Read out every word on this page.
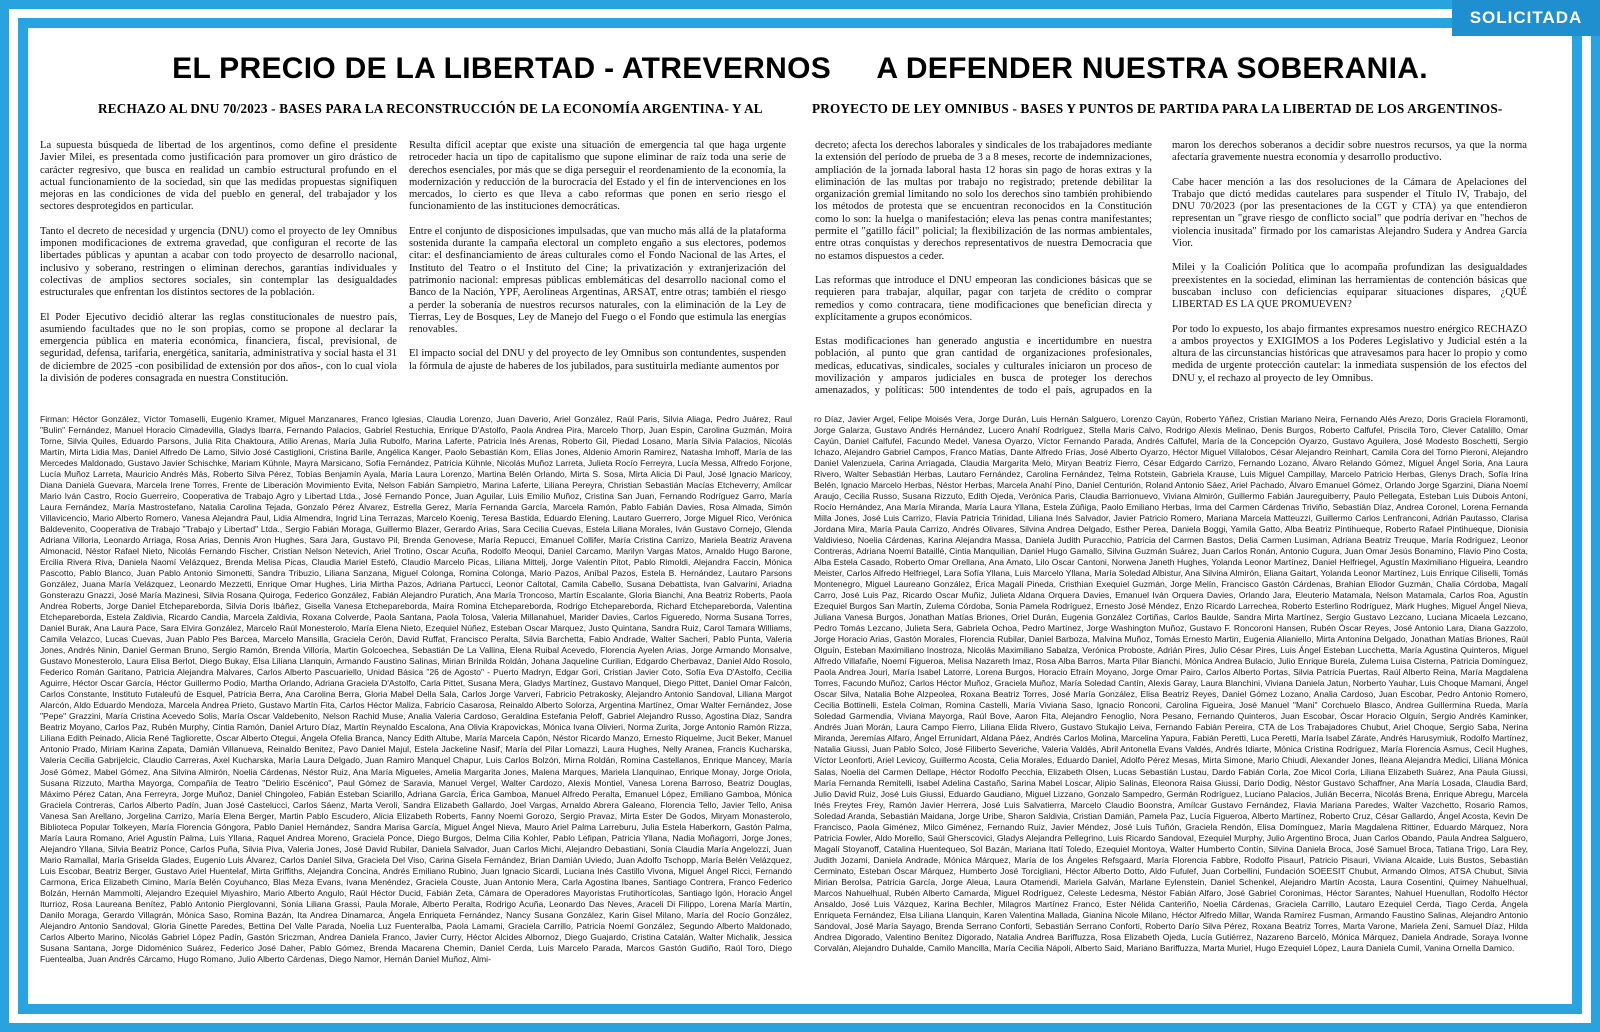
SOLICITADA
EL PRECIO DE LA LIBERTAD - ATREVERNOS A DEFENDER NUESTRA SOBERANIA.
RECHAZO AL DNU 70/2023 - BASES PARA LA RECONSTRUCCIÓN DE LA ECONOMÍA ARGENTINA- Y AL	PROYECTO DE LEY OMNIBUS - BASES Y PUNTOS DE PARTIDA PARA LA LIBERTAD DE LOS ARGENTINOS-

La supuesta búsqueda de libertad de los argentinos, como define el presidente Javier Milei, es presentada como justificación para promover un giro drástico de carácter regresivo, que busca en realidad un cambio estructural profundo en el actual funcionamiento de la sociedad, sin que las medidas propuestas signifiquen mejoras en las condiciones de vida del pueblo en general, del trabajador y los sectores desprotegidos en particular.

Tanto el decreto de necesidad y urgencia (DNU) como el proyecto de ley Omnibus imponen modificaciones de extrema gravedad, que configuran el recorte de las libertades públicas y apuntan a acabar con todo proyecto de desarrollo nacional, inclusivo y soberano, restringen o eliminan derechos, garantías individuales y colectivas de amplios sectores sociales, sin contemplar las desigualdades estructurales que enfrentan los distintos sectores de la población.

El Poder Ejecutivo decidió alterar las reglas constitucionales de nuestro país, asumiendo facultades que no le son propias, como se propone al declarar la emergencia pública en materia económica, financiera, fiscal, previsional, de seguridad, defensa, tarifaria, energética, sanitaria, administrativa y social hasta el 31 de diciembre de 2025 -con posibilidad de extensión por dos años-, con lo cual viola la división de poderes consagrada en nuestra Constitución.

Resulta difícil aceptar que existe una situación de emergencia tal que haga urgente retroceder hacia un tipo de capitalismo que supone eliminar de raíz toda una serie de derechos esenciales, por más que se diga perseguir el reordenamiento de la economía, la modernización y reducción de la burocracia del Estado y el fin de intervenciones en los mercados, lo cierto es que lleva a cabo reformas que ponen en serio riesgo el funcionamiento de las instituciones democráticas.

Entre el conjunto de disposiciones impulsadas, que van mucho más allá de la plataforma sostenida durante la campaña electoral un completo engaño a sus electores, podemos citar: el desfinanciamiento de áreas culturales como el Fondo Nacional de las Artes, el Instituto del Teatro o el Instituto del Cine; la privatización y extranjerización del patrimonio nacional: empresas públicas emblemáticas del desarrollo nacional como el Banco de la Nación, YPF, Aerolíneas Argentinas, ARSAT, entre otras; también el riesgo a perder la soberanía de nuestros recursos naturales, con la eliminación de la Ley de Tierras, Ley de Bosques, Ley de Manejo del Fuego o el Fondo que estimula las energías renovables.

El impacto social del DNU y del proyecto de ley Omnibus son contundentes, suspenden la fórmula de ajuste de haberes de los jubilados, para sustituirla mediante aumentos por

decreto; afecta los derechos laborales y sindicales de los trabajadores mediante la extensión del período de prueba de 3 a 8 meses, recorte de indemnizaciones, ampliación de la jornada laboral hasta 12 horas sin pago de horas extras y la eliminación de las multas por trabajo no registrado; pretende debilitar la organización gremial limitando no solo los derechos sino también prohibiendo los métodos de protesta que se encuentran reconocidos en la Constitución como lo son: la huelga o manifestación; eleva las penas contra manifestantes; permite el "gatillo fácil" policial; la flexibilización de las normas ambientales, entre otras conquistas y derechos representativos de nuestra Democracia que no estamos dispuestos a ceder.

Las reformas que introduce el DNU empeoran las condiciones básicas que se requieren para trabajar, alquilar, pagar con tarjeta de crédito o comprar remedios y como contracara, tiene modificaciones que benefician directa y explícitamente a grupos económicos.

Estas modificaciones han generado angustia e incertidumbre en nuestra población, al punto que gran cantidad de organizaciones profesionales, medicas, educativas, sindicales, sociales y culturales iniciaron un proceso de movilización y amparos judiciales en busca de proteger los derechos amenazados, y políticas: 500 intendentes de todo el país, agrupados en la

maron los derechos soberanos a decidir sobre nuestros recursos, ya que la norma afectaría gravemente nuestra economía y desarrollo productivo.

Cabe hacer mención a las dos resoluciones de la Cámara de Apelaciones del Trabajo que dictó medidas cautelares para suspender el Título IV, Trabajo, del DNU 70/2023 (por las presentaciones de la CGT y CTA) ya que entendieron representan un "grave riesgo de conflicto social" que podría derivar en "hechos de violencia inusitada" firmado por los camaristas Alejandro Sudera y Andrea García Vior.

Milei y la Coalición Política que lo acompaña profundizan las desigualdades preexistentes en la sociedad, eliminan las herramientas de contención básicas que buscaban incluso con deficiencias equiparar situaciones dispares, ¿QUÉ LIBERTAD ES LA QUE PROMUEVEN?

Por todo lo expuesto, los abajo firmantes expresamos nuestro enérgico RECHAZO a ambos proyectos y EXIGIMOS a los Poderes Legislativo y Judicial estén a la altura de las circunstancias históricas que atravesamos para hacer lo propio y como medida de urgente protección cautelar: la inmediata suspensión de los efectos del DNU y, el rechazo al proyecto de ley Omnibus.

Firman: Héctor González, Víctor Tomaselli, Eugenio Kramer, Miguel Manzanares, Franco Iglesias, Claudia Lorenzo, Juan Daverio, Ariel González, Raúl Paris, Silvia Aliaga, Pedro Juárez, Raul "Bulin" Fernández, Manuel Horacio Cimadevilla, Gladys Ibarra, Fernando Palacios, Gabriel Restuchia, Enrique D'Astolfo, Paola Andrea Pira, Marcelo Thorp, Juan Espin, Carolina Guzmán, Moira Torne, Silvia Quiles, Eduardo Parsons, Julia Rita Chaktoura, Atilio Arenas, María Julia Rubolfo, Marina Laferte, Patricia Inés Arenas, Roberto Gil, Piedad Losano, María Silvia Palacios, Nicolás Martín, Mirta Lidia Mas, Daniel Alfredo De Lamo, Silvio José Castiglioni, Cristina Barile, Angélica Kanger, Paolo Sebastián Korn, Elías Jones, Aldenio Amorin Ramirez, Natasha Imhoff, María de las Mercedes Maldonado, Gustavo Javier Schischke, Mariam Kühnle, Mayra Marsicano, Sofía Fernández, Patricia Kühnle, Nicolás Muñoz Larreta, Julieta Rocío Ferreyra, Lucía Messa, Alfredo Forjone, Lucía Muñoz Larreta, Mauricio Andrés Más, Roberto Silva Pérez, Tobías Benjamín Ayala, María Laura Lorenzo, Martina Belén Orlando, Mirta S. Sosa, Mirta Alicia Di Paul, José Ignacio Maricoy, Diana Daniela Guevara, Marcela Irene Torres, Frente de Liberación Movimiento Evita, Nelson Fabián Sampietro, Marina Laferte, Liliana Pereyra, Christian Sebastián Macías Etcheverry, Amílcar Mario Iván Castro, Rocío Guerreiro, Cooperativa de Trabajo Agro y Libertad Ltda., José Fernando Ponce, Juan Aguilar, Luis Emilio Muñoz, Cristina San Juan, Fernando Rodríguez Garro, María Laura Fernández, María Mastrostefano, Natalia Carolina Tejada, Gonzalo Pérez Álvarez, Estrella Gerez, María Fernanda García, Marcela Ramón, Pablo Fabián Davies, Rosa Almada, Simón Villavicencio, Mario Alberto Romero, Vanesa Alejandra Paul, Lidia Almendra, Ingrid Lina Terrazas, Marcelo Koenig, Teresa Bastida, Eduardo Elening, Lautaro Guerrero, Jorge Miguel Rico, Verónica Baldevenito, Cooperativa de Trabajo "Trabajo y Libertad" Ltda., Sergio Fabián Moraga, Guillermo Blazer, Gerardo Arias, Sara Cecilia Cuevas, Estela Liliana Morales, Iván Gustavo Cornejo, Glenda Adriana Villoria, Leonardo Arriaga, Rosa Arias, Dennis Aron Hughes, Sara Jara, Gustavo Pil, Brenda Genovese, María Repucci, Emanuel Collifer, María Cristina Carrizo, Mariela Beatriz Aravena Almonacid, Néstor Rafael Nieto, Nicolás Fernando Fischer, Cristian Nelson Netevich, Ariel Trotino, Oscar Acuña, Rodolfo Meoqui, Daniel Carcamo, Marilyn Vargas Matos, Arnaldo Hugo Barone, Ercilia Rivera Riva, Daniela Naomí Velázquez, Brenda Melisa Picas, Claudia Mariel Estefó, Claudio Marcelo Picas, Liliana Mittelj, Jorge Valentín Pitot, Pablo Rimoldi, Alejandra Faccin, Mónica Pascotto, Pablo Blanco, Juan Pablo Antonio Simonetti, Sandra Tribuzio, Liliana Sanzana, Miguel Colonga, Romina Colonga, Mario Pazos, Aníbal Pazos, Estela B. Hernández, Lautaro Parsons González, Juana María Velázquez, Leonardo Mezzetti, Enrique Omar Hughes, Liria Mirtha Pazos, Adriana Partucci, Leonor Caltotal, Camila Cabello, Susana Debattista, Ivan Galvarini, Ariadna Gonsterazu Gnazzi, José María Mazinesi, Silvia Rosana Quiroga, Federico González, Fabián Alejandro Puratich, Ana María Troncoso, Martín Escalante, Gloria Bianchi, Ana Beatriz Roberts, Paola Andrea Roberts, Jorge Daniel Etchepareborda, Silvia Doris Ibáñez, Gisella Vanesa Etchepareborda, Maira Romina Etchepareborda, Rodrigo Etchepareborda, Richard Etchepareborda, Valentina Etchepareborda, Estela Zaldivia, Ricardo Candia, Marcela Zaldivia, Roxana Colverde, Paola Santana, Paola Tolosa, Valeria Millanahuel, Marider Davies, Carlos Figueredo, Norma Susana Torres, Daniel Burak, Ana Laura Pace, Sara Elvira González, Marcelo Raúl Monesterolo, María Elena Nieto, Ezequiel Núñez, Esteban Oscar Marquez, Justo Quintana, Sandra Ruiz, Carol Tamara Williams, Camila Velazco, Lucas Cuevas, Juan Pablo Pes Barcea, Marcelo Mansilla, Graciela Cerón, David Ruffat, Francisco Peralta, Silvia Barchetta, Fabio Andrade, Walter Sacheri, Pablo Punta, Valeria Jones, Andrés Ninin, Daniel German Bruno, Sergio Ramón, Brenda Villoria, Martin Golcoechea, Sebastián De La Vallina, Elena Ruibal Acevedo, Florencia Ayelen Arias, Jorge Armando Monsalve, Gustavo Monesterolo, Laura Elisa Berlot, Diego Bukay, Elsa Liliana Llanquin, Armando Faustino Salinas, Mirian Brinilda Roldán, Johana Jaqueline Curilian, Edgardo Cherbavaz, Daniel Aldo Rosolo, Federico Román Garitano, Patricia Alejandra Malvares, Carlos Alberto Pascuariello, Unidad Básica "26 de Agosto" - Puerto Madryn, Edgar Gori, Cristian Javier Coto, Sofía Eva D'Astolfo, Cecilia Aguirre, Héctor Oscar García, Héctor Guillermo Podio, Martha Orlando, Adriana Graciela D'Astolfo, Carla Pittet, Susana Mera, Gladys Martínez, Gustavo Manquel, Diego Pittet, Daniel Omar Falcón, Carlos Constante, Instituto Futaleufú de Esquel, Patricia Berra, Ana Carolina Berra, Gloria Mabel Della Sala, Carlos Jorge Varveri, Fabricio Petrakosky, Alejandro Antonio Sandoval, Liliana Margot Alarcón, Aldo Eduardo Mendoza, Marcela Andrea Prieto, Gustavo Martín Fita, Carlos Héctor Maliza, Fabricio Casarosa, Reinaldo Alberto Solorza, Argentina Martínez, Omar Walter Fernández, Jose "Pepe" Grazzini, María Cristina Acevedo Solis, María Oscar Valdebenito, Nelson Rachid Muse, Analia Valeria Cardoso, Geraldina Estefania Peloff, Gabriel Alejandro Russo, Agostina Diaz, Sandra Beatriz Moyano, Carlos Paz, Rubén Murphy, Cintia Ramón, Daniel Arturo Díaz, Martín Reynaldo Escalona, Ana Olivia Krapovickas, Mónica Ivana Olivieri, Norma Zurita, Jorge Antonio Ramón Rizza, Liliana Edith Peinado, Alicia René Tagliorette, Óscar Alberto Otegui, Ángela Ofelia Branca, Nancy Edith Altube, María Marcela Capón, Néstor Ricardo Manzo, Ernesto Riquelme, Jucit Beker, Manuel Antonio Prado, Miriam Karina Zapata, Damián Villanueva, Reinaldo Benitez, Pavo Daniel Majul, Estela Jackeline Nasif, María del Pilar Lomazzi, Laura Hughes, Nelly Aranea, Francis Kucharska, Valeria Cecilia Gabrijelcic, Claudio Carreras, Axel Kucharska, María Laura Delgado, Juan Ramiro Manquel Chapur, Luis Carlos Bolzón, Mirna Roldán, Romina Castellanos, Enrique Mancey, María José Gómez, Mabel Gómez, Ana Silvina Almirón, Noelia Cárdenas, Néstor Ruiz, Ana María Migueles, Amelia Margarita Jones, Malena Marques, Mariela Llanquinao, Enrique Monay, Jorge Oriola, Susana Rizzuto, Martha Mayorga, Compañía de Teatro "Delirio Escénico", Paul Gómez de Saravia, Manuel Vergel, Walter Cardozo, Alexis Montiel, Vanesa Lorena Barroso, Beatriz Douglas, Máximo Pérez Catan, Ana Ferreyra, Jorge Muñoz, Daniel Chingoleo, Fabián Esteban Sciarillo, Adriana García, Érica Gamboa, Manuel Alfredo Peralta, Emanuel López, Emiliano Gamboa, Mónica Graciela Contreras, Carlos Alberto Padín, Juan José Castelucci, Carlos Sáenz, Marta Veroli, Sandra Elizabeth Gallardo, Joel Vargas, Arnaldo Abrera Galeano, Florencia Tello, Javier Tello, Anisa Vanesa San Arellano, Jorgelina Carrizo, María Elena Berger, Martin Pablo Escudero, Alicia Elizabeth Roberts, Fanny Noemi Gorozo, Sergio Pravaz, Mirta Ester De Godos, Miryam Monasterolo, Biblioteca Popular Tolkeyen, María Florencia Góngora, Pablo Daniel Hernández, Sandra Marisa García, Miguel Ángel Nieva, Mauro Ariel Palma Larreburu, Julia Estela Haberkorn, Gastón Palma, María Laura Romano, Ariel Agustín Palma, Luis Yllana, Raquel Andrea Moreno, Graciela Ponce, Diego Burgos, Delma Cilia Kohler, Pablo Lefipan, Patricia Yllana, Nadia Moñagorri, Jorge Jones, Alejandro Yllana, Silvia Beatriz Ponce, Carlos Puña, Silvia Piva, Valeria Jones, José David Rubilar, Daniela Salvador, Juan Carlos Michi, Alejandro Debastiani, Sonia Claudia María Angelozzi, Juan Mario Ramallal, María Griselda Glades, Eugenio Luis Álvarez, Carlos Daniel Silva, Graciela Del Viso, Carina Gisela Fernández, Brian Damián Uviedo, Juan Adolfo Tschopp, María Belén Velázquez, Luis Escobar, Beatriz Berger, Gustavo Ariel Huentelaf, Mirta Griffiths, Alejandra Concina, Andrés Emiliano Rubino, Juan Ignacio Sicardi, Luciana Inés Castillo Vivona, Miguel Ángel Ricci, Fernando Carmona, Erica Elizabeth Cimino, María Belén Coyuhanco, Blas Meza Evans, Ivana Menéndez, Graciela Couste, Juan Antonio Mera, Carla Agostina Ibanes, Santiago Contrera, Franco Federico Bolzán, Hernán Mammolti, Alejandro Ezequiel Miyashiro, Mario Alberto Angulo, Raúl Héctor Ducid, Fabián Zeta, Cámara de Operadores Mayoristas Frutihortícolas, Santiago Igón, Horacio Ángel Iturrioz, Rosa Laureana Benítez, Pablo Antonio Pierglovanni, Sonia Liliana Grassi, Paula Morale, Alberto Peralta, Rodrigo Acuña, Leonardo Das Neves, Araceli Di Filippo, Lorena María Martín, Danilo Moraga, Gerardo Villagrán, Mónica Saso, Romina Bazán, Ita Andrea Dinamarca, Ángela Enriqueta Fernández, Nancy Susana González, Karin Gisel Milano, María del Rocío González, Alejandro Antonio Sandoval, Gloria Ginette Paredes, Bettina Del Valle Parada, Noelia Luz Fuenteralba, Paola Lamami, Graciela Carrillo, Patricia Noemí González, Segundo Alberto Maldonado, Carlos Alberto Marino, Nicolás Gabriel López Padín, Gastón Sriczman, Andrea Daniela Franco, Javier Curry, Héctor Alcides Albornoz, Diego Guajardo, Cristina Catalán, Walter Michalik, Jessica Susana Santana, Jorge Didoménico Suárez, Federico José Daher, Pablo Gómez, Brenda Macarena Chemin, Daniel Cerda, Luis Marcelo Parada, Marcos Gastón Gudiño, Raúl Toro, Diego Fuentealba, Juan Andrés Cárcamo, Hugo Romano, Julio Alberto Cárdenas, Diego Namor, Hernán Daniel Muñoz, Almi-
ro Díaz, Javier Argel, Felipe Moisés Vera, Jorge Durán, Luis Hernán Salguero, Lorenzo Cayún, Roberto Yáñez, Cristian Mariano Neira, Fernando Alés Arezo, Doris Graciela Floramonti, Jorge Galarza, Gustavo Andrés Hernández, Lucero Anahí Rodríguez, Stella Maris Calvo, Rodrigo Alexis Melinao, Denis Burgos, Roberto Calfufel, Priscila Toro, Clever Catalillo, Omar Cayún, Daniel Calfufel, Facundo Medel, Vanesa Oyarzo, Víctor Fernando Parada, Andrés Calfufel, María de la Concepción Oyarzo, Gustavo Aguilera, José Modesto Boschetti, Sergio Ichazo, Alejandro Gabriel Campos, Franco Matías, Dante Alfredo Frías, José Alberto Oyarzo, Héctor Miguel Villalobos, César Alejandro Reinhart, Camila Cora del Torno Pieroni, Alejandro Daniel Valenzuela, Carina Arriagada, Claudia Margarita Melo, Miryan Beatriz Fierro, César Edgardo Carrizo, Fernando Lozano, Álvaro Relando Gómez, Miguel Ángel Soria, Ana Laura Rivero, Walter Sebastián Herbas, Lautaro Fernández, Carolina Fernández, Telma Rotstein, Gabriela Krause, Luis Miguel Campillay, Marcelo Patricio Herbas, Glenys Drach, Sofía Irina Belén, Ignacio Marcelo Herbas, Néstor Herbas, Marcela Anahí Pino, Daniel Centurión, Roland Antonio Sáez, Ariel Pachado, Álvaro Emanuel Gómez, Orlando Jorge Sgarzini, Diana Noemí Araujo, Cecilia Russo, Susana Rizzuto, Edith Ojeda, Verónica Paris, Claudia Barrionuevo, Viviana Almirón, Guillermo Fabián Jaureguiberry, Paulo Pellegata, Esteban Luis Dubois Antoni, Rocío Hernández, Ana María Miranda, María Laura Yllana, Estela Zúñiga, Paolo Emiliano Herbas, Irma del Carmen Cárdenas Triviño, Sebastián Díaz, Andrea Coronel, Lorena Fernanda Milla Jones, José Luis Carrizo, Flavia Patricia Trinidad, Liliana Inés Salvador, Javier Patricio Romero, Mariana Marcela Matteuzzi, Guillermo Carlos Lenfranconi, Adrián Pautasso, Clarisa Jordana Mira, María Paula Carrizo, Andrés Olivares, Silvina Andrea Delgado, Esther Perea, Daniela Boggi, Yamila Gatto, Alba Beatriz Pintihueque, Roberto Rafael Pintihueque, Dionisia Valdivieso, Noelia Cárdenas, Karina Alejandra Massa, Daniela Judith Puracchio, Patricia del Carmen Bastos, Delia Carmen Lusiman, Adriana Beatriz Treuque, María Rodríguez, Leonor Contreras, Adriana Noemí Bataillé, Cintia Manquilian, Daniel Hugo Gamallo, Silvina Guzmán Suárez, Juan Carlos Ronán, Antonio Cugura, Juan Omar Jesús Bonamino, Flavio Pino Costa, Alba Estela Casado, Roberto Omar Orellana, Ana Amato, Lilo Oscar Cantoni, Norwena Janeth Hughes, Yolanda Leonor Martínez, Daniel Helfriegel, Agustín Maximiliano Higueira, Leandro Meister, Carlos Alfredo Helfriegel, Lara Sofía Yllana, Luis Marcelo Yllana, María Soledad Albistur, Ana Silvina Almirón, Eliana Gaitart, Yolanda Leonor Martínez, Luis Enrique Ciliselli, Tomás Montenegro, Miguel Laureano González, Érica Magalí Pineda, Cristhian Exequiel Guzmán, Jorge Melín, Francisco Gastón Cárdenas, Brahian Eliodor Guzmán, Chalia Córdoba, Magalí Carro, José Luis Paz, Ricardo Oscar Muñiz, Julieta Aldana Orquera Davies, Emanuel Iván Orquera Davies, Orlando Jara, Eleuterio Matamala, Nelson Matamala, Carlos Roa, Agustín Ezequiel Burgos San Martín, Zulema Córdoba, Sonia Pamela Rodríguez, Ernesto José Méndez, Enzo Ricardo Larrechea, Roberto Esterlino Rodríguez, Mark Hughes, Miguel Ángel Nieva, Juliana Vanesa Burgos, Jonathan Matías Briones, Oriel Durán, Eugenia González Cortiñas, Carlos Baulde, Sandra Mirta Martínez, Sergio Gustavo Lezcano, Luciana Micaela Lezcano, Pedro Tomás Lezcano, Julieta Sera, Gabriela Ochoa, Pedro Martínez, Jorge Washington Muñoz, Gustavo F. Roncoroni Hansen, Rubén Óscar Reyes, José Antonio Lara, Diana Gazzolo, Jorge Horacio Arias, Gastón Morales, Florencia Rubilar, Daniel Barboza, Malvina Muñoz, Tomás Ernesto Martin, Eugenia Alianiello, Mirta Antonina Delgado, Jonathan Matías Briones, Raúl Olguín, Esteban Maximiliano Inostroza, Nicolás Maximiliano Sabalza, Verónica Proboste, Adrián Pires, Julio César Pires, Luis Ángel Esteban Lucchetta, María Agustina Quinteros, Miguel Alfredo Villafañe, Noemí Figueroa, Melisa Nazareth Imaz, Rosa Alba Barros, Marta Pilar Bianchi, Mónica Andrea Bulacio, Julio Enrique Burela, Zulema Luisa Cisterna, Patricia Domínguez, Paola Andrea Jouri, María Isabel Latorre, Lorena Burgos, Horacio Efraín Moyano, Jorge Omar Pairo, Carlos Alberto Portas, Silvia Patricia Puertas, Raúl Alberto Reina, María Magdalena Torres, Facundo Muñoz, Carlos Héctor Muñoz, Graciela Muñoz, María Soledad Cantín, Alexis Garay, Laura Blanchini, Viviana Daniela Jatun, Norberto Yauhar, Luis Choque Mamani, Ángel Oscar Silva, Natalia Bohe Alzpeolea, Roxana Beatriz Torres, José María González, Elisa Beatriz Reyes, Daniel Gómez Lozano, Analia Cardoso, Juan Escobar, Pedro Antonio Romero, Cecilia Bottinelli, Estela Colman, Romina Castelli, María Viviana Saso, Ignacio Ronconi, Carolina Figueira, José Manuel "Mani" Corchuelo Blasco, Andrea Guillermina Rueda, María Soledad Garmendia, Viviana Mayorga, Raúl Bove, Aaron Fita, Alejandro Fenoglio, Nora Pesano, Fernando Quinteros, Juan Escobar, Óscar Horacio Olguín, Sergio Andrés Kaminker, Andrés Juan Morán, Laura Campo Fierro, Liliana Elida Rivero, Gustavo Stukajio Leiva, Fernando Fabián Pereira, CTA de Los Trabajadores Chubut, Ariel Choque, Sergio Saba, Nerina Miranda, Jeremías Alfaro, Ángel Errunidart, Aldana Páez, Andrés Carlos Molina, Marcelina Yapura, Fabián Peretti, Luca Peretti, María Isabel Zárate, Andrés Harusymiuk, Rodolfo Martínez, Natalia Giussi, Juan Pablo Solco, José Filiberto Severiche, Valeria Valdés, Abril Antonella Evans Valdés, Andrés Idiarte, Mónica Cristina Rodríguez, María Florencia Asmus, Cecil Hughes, Víctor Leonforti, Ariel Levicoy, Guillermo Acosta, Celia Morales, Eduardo Daniel, Adolfo Pérez Mesas, Mirta Simone, Mario Chiudi, Alexander Jones, Ileana Alejandra Medici, Liliana Mónica Salas, Noelia del Carmen Dellape, Héctor Rodolfo Pecchia, Elizabeth Olsen, Lucas Sebastián Lustau, Dardo Fabián Corla, Zoe Micol Corla, Liliana Elizabeth Suárez, Ana Paula Giussi, María Fernanda Remitelli, Isabel Adelina Castaño, Sarina Mabel Loscar, Alipio Salinas, Eleonora Raisa Giussi, Dario Dodig, Néstor Gustavo Schaffner, Ana María Losada, Claudia Bard, Julio David Ruiz, José Luis Giussi, Eduardo Gaudiano, Miguel Lizzano, Gonzalo Sampedro, Germán Rodríguez, Luciano Palacios, Julián Becerra, Nicolás Brena, Enrique Abregu, Marcela Inés Freytes Frey, Ramón Javier Herrera, José Luis Salvatierra, Marcelo Claudio Boonstra, Amílcar Gustavo Fernández, Flavia Mariana Paredes, Walter Vazchetto, Rosario Ramos, Soledad Aranda, Sebastián Maidana, Jorge Uribe, Sharon Saldivia, Cristian Damián, Pamela Paz, Lucía Figueroa, Alberto Martínez, Roberto Cruz, César Gallardo, Ángel Acosta, Kevin De Francisco, Paola Giménez, Milco Giménez, Fernando Ruiz, Javier Méndez, José Luis Tuñón, Graciela Rendón, Elisa Domínguez, María Magdalena Rittiner, Eduardo Márquez, Nora Patricia Fowler, Aldo Morello, Saúl Gherscovici, Gladys Alejandra Pellegrino, Luis Ricardo Sandoval, Ezequiel Murphy, Julio Argentino Broca, Juan Carlos Obando, Paula Andrea Salguero, Magalí Stoyanoff, Catalina Huentequeo, Sol Bazán, Mariana Itatí Toledo, Ezequiel Montoya, Walter Humberto Contín, Silvina Daniela Broca, José Samuel Broca, Tatiana Trigo, Lara Rey, Judith Jozami, Daniela Andrade, Mónica Márquez, María de los Ángeles Refsgaard, María Florencia Fabbre, Rodolfo Pisaurl, Patricio Pisauri, Viviana Alcaide, Luis Bustos, Sebastián Cerminato, Esteban Óscar Márquez, Humberto José Torcigliani, Héctor Alberto Dotto, Aldo Fufulef, Juan Corbellini, Fundación SOEESIT Chubut, Armando Olmos, ATSA Chubut, Silvia Mirian Berolsa, Patricia García, Jorge Aleua, Laura Otamendi, Mariela Galván, Marlane Eylenstein, Daniel Schenkel, Alejandro Martín Acosta, Laura Cosentini, Quimey Nahuelhual, Marcos Nahuelhual, Rubén Alberto Camarda, Miguel Rodríguez, Celeste Ledesma, Néstor Fabián Alfaro, José Gabriel Coronimas, Héctor Sarantes, Nahuel Huenullan, Rodolfo Héctor Ansaldo, José Luis Vázquez, Karina Bechler, Milagros Martínez Franco, Ester Nélida Canteriño, Noelia Cárdenas, Graciela Carrillo, Lautaro Ezequiel Cerda, Tiago Cerda, Ángela Enriqueta Fernández, Elsa Liliana Llanquin, Karen Valentina Mallada, Gianina Nicole Milano, Héctor Alfredo Millar, Wanda Ramírez Fusman, Armando Faustino Salinas, Alejandro Antonio Sandoval, José María Sayago, Brenda Serrano Conforti, Sebastián Serrano Conforti, Roberto Darío Silva Pérez, Roxana Beatriz Torres, Marta Varone, Mariela Zeni, Samuel Díaz, Hilda Andrea Digorado, Valentino Benítez Digorado, Natalia Andrea Bariffuzza, Rosa Elizabeth Ojeda, Lucía Gutiérrez, Nazareno Barceló, Mónica Márquez, Daniela Andrade, Soraya Ivonne Corvalán, Alejandro Duhalde, Camilo Mancilla, María Cecilia Nápoli, Alberto Said, Mariano Bariffuzza, Marta Muriel, Hugo Ezequiel López, Laura Daniela Cumil, Vanina Ornella Damico.
